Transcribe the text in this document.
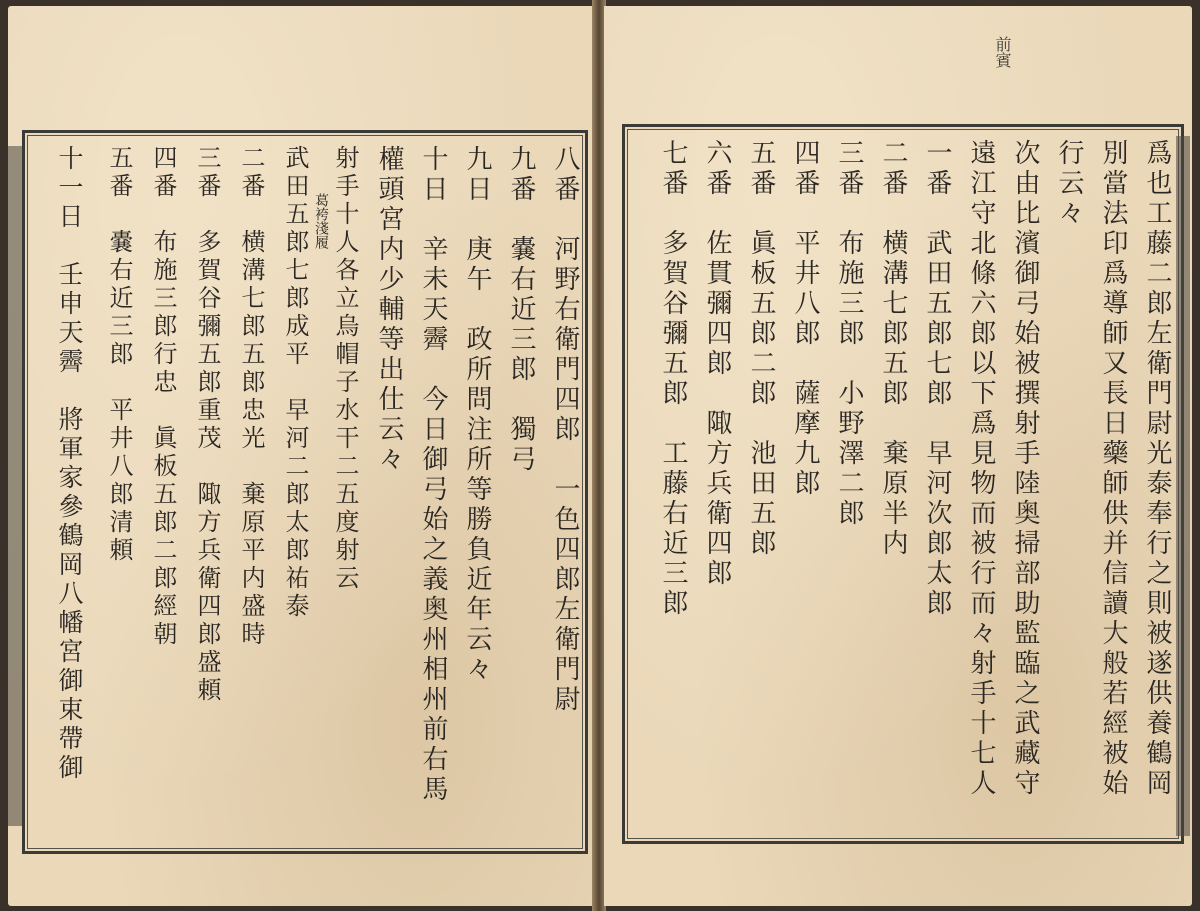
八番　河野右衛門四郎　一色四郎左衛門尉
九番　嚢右近三郎　獨弓
九日　庚午　政所問注所等勝負近年云々
十日　辛未天霽　今日御弓始之義奥州相州前右馬
權頭宮内少輔等出仕云々
射手十人各立烏帽子水干二五度射云
葛袴淺履
武田五郎七郎成平　早河二郎太郎祐泰
二番　横溝七郎五郎忠光　棄原平内盛時
三番　多賀谷彌五郎重茂　陬方兵衛四郎盛頼
四番　布施三郎行忠　眞板五郎二郎經朝
五番　嚢右近三郎　平井八郎清頼
十一日　壬申天霽　將軍家參鶴岡八幡宮御束帶御
前賓
爲也工藤二郎左衛門尉光泰奉行之則被遂供養鶴岡
別當法印爲導師又長日藥師供并信讀大般若經被始
行云々
次由比濱御弓始被撰射手陸奥掃部助監臨之武藏守
遠江守北條六郎以下爲見物而被行而々射手十七人
一番　武田五郎七郎　早河次郎太郎
二番　横溝七郎五郎　棄原半内
三番　布施三郎　小野澤二郎
四番　平井八郎　薩摩九郎
五番　眞板五郎二郎　池田五郎
六番　佐貫彌四郎　陬方兵衛四郎
七番　多賀谷彌五郎　工藤右近三郎
